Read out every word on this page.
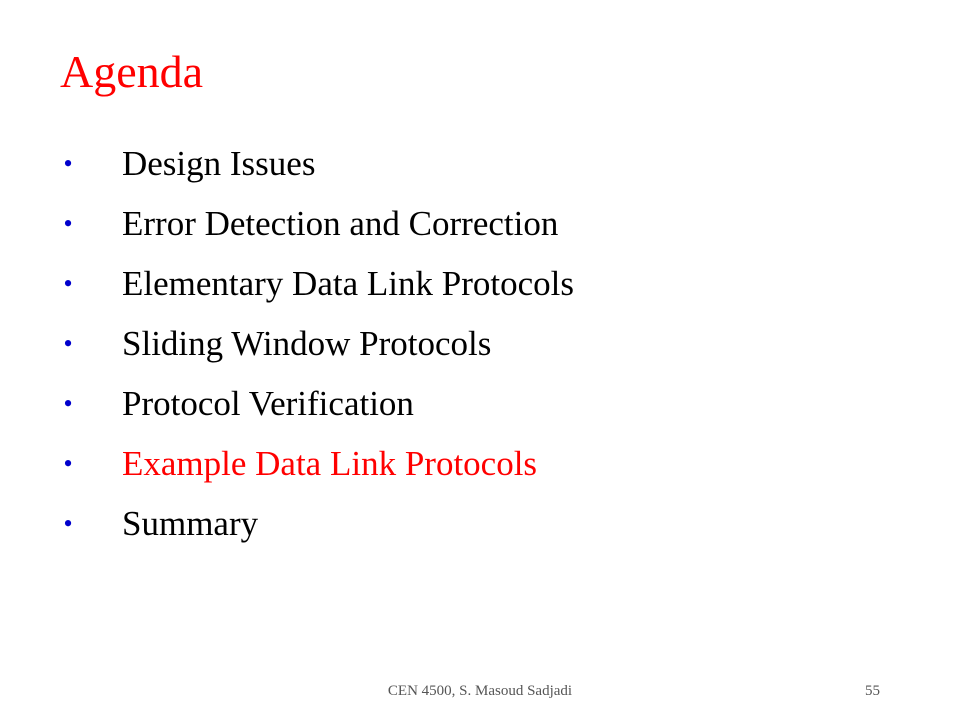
Agenda
• Design Issues
• Error Detection and Correction
• Elementary Data Link Protocols
• Sliding Window Protocols
• Protocol Verification
• Example Data Link Protocols
• Summary
CEN 4500, S. Masoud Sadjadi	55
